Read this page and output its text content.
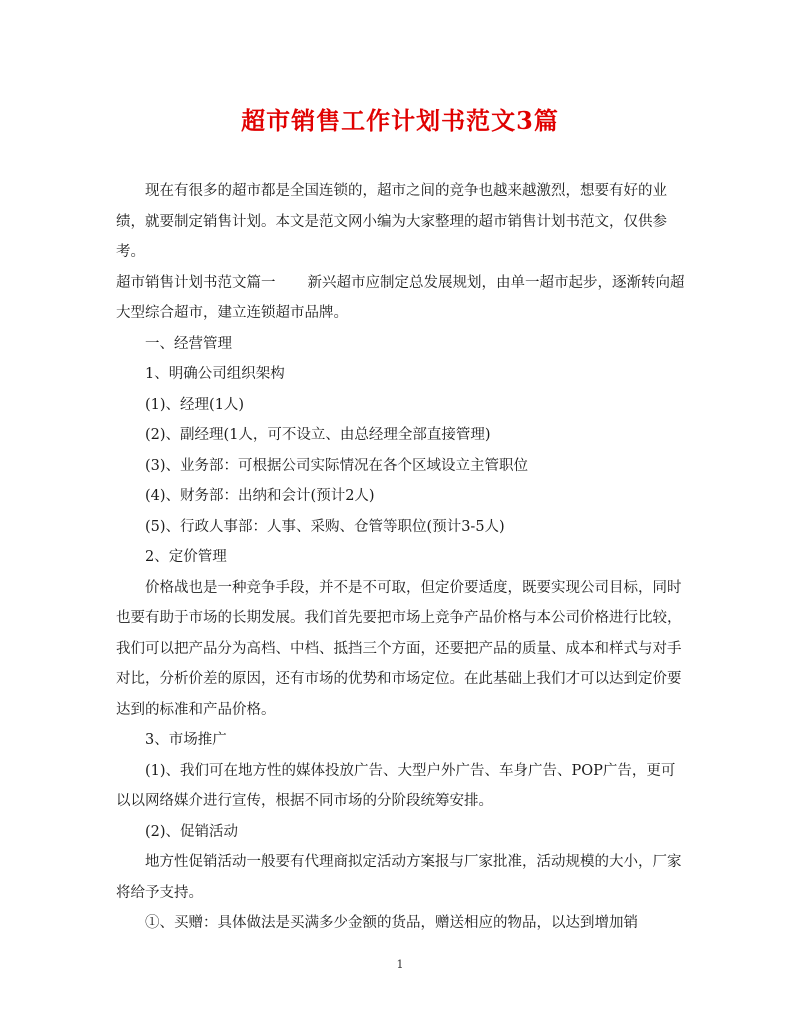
超市销售工作计划书范文3篇

现在有很多的超市都是全国连锁的，超市之间的竞争也越来越激烈，想要有好的业绩，就要制定销售计划。本文是范文网小编为大家整理的超市销售计划书范文，仅供参考。

超市销售计划书范文篇一 新兴超市应制定总发展规划，由单一超市起步，逐渐转向超大型综合超市，建立连锁超市品牌。

一、经营管理

1、明确公司组织架构

(1)、经理(1人)

(2)、副经理(1人，可不设立、由总经理全部直接管理)

(3)、业务部：可根据公司实际情况在各个区域设立主管职位

(4)、财务部：出纳和会计(预计2人)

(5)、行政人事部：人事、采购、仓管等职位(预计3-5人)

2、定价管理

价格战也是一种竞争手段，并不是不可取，但定价要适度，既要实现公司目标，同时也要有助于市场的长期发展。我们首先要把市场上竞争产品价格与本公司价格进行比较，我们可以把产品分为高档、中档、抵挡三个方面，还要把产品的质量、成本和样式与对手对比，分析价差的原因，还有市场的优势和市场定位。在此基础上我们才可以达到定价要达到的标准和产品价格。

3、市场推广

(1)、我们可在地方性的媒体投放广告、大型户外广告、车身广告、POP广告，更可以以网络媒介进行宣传，根据不同市场的分阶段统筹安排。

(2)、促销活动

地方性促销活动一般要有代理商拟定活动方案报与厂家批准，活动规模的大小，厂家将给予支持。

①、买赠：具体做法是买满多少金额的货品，赠送相应的物品，以达到增加销

1
